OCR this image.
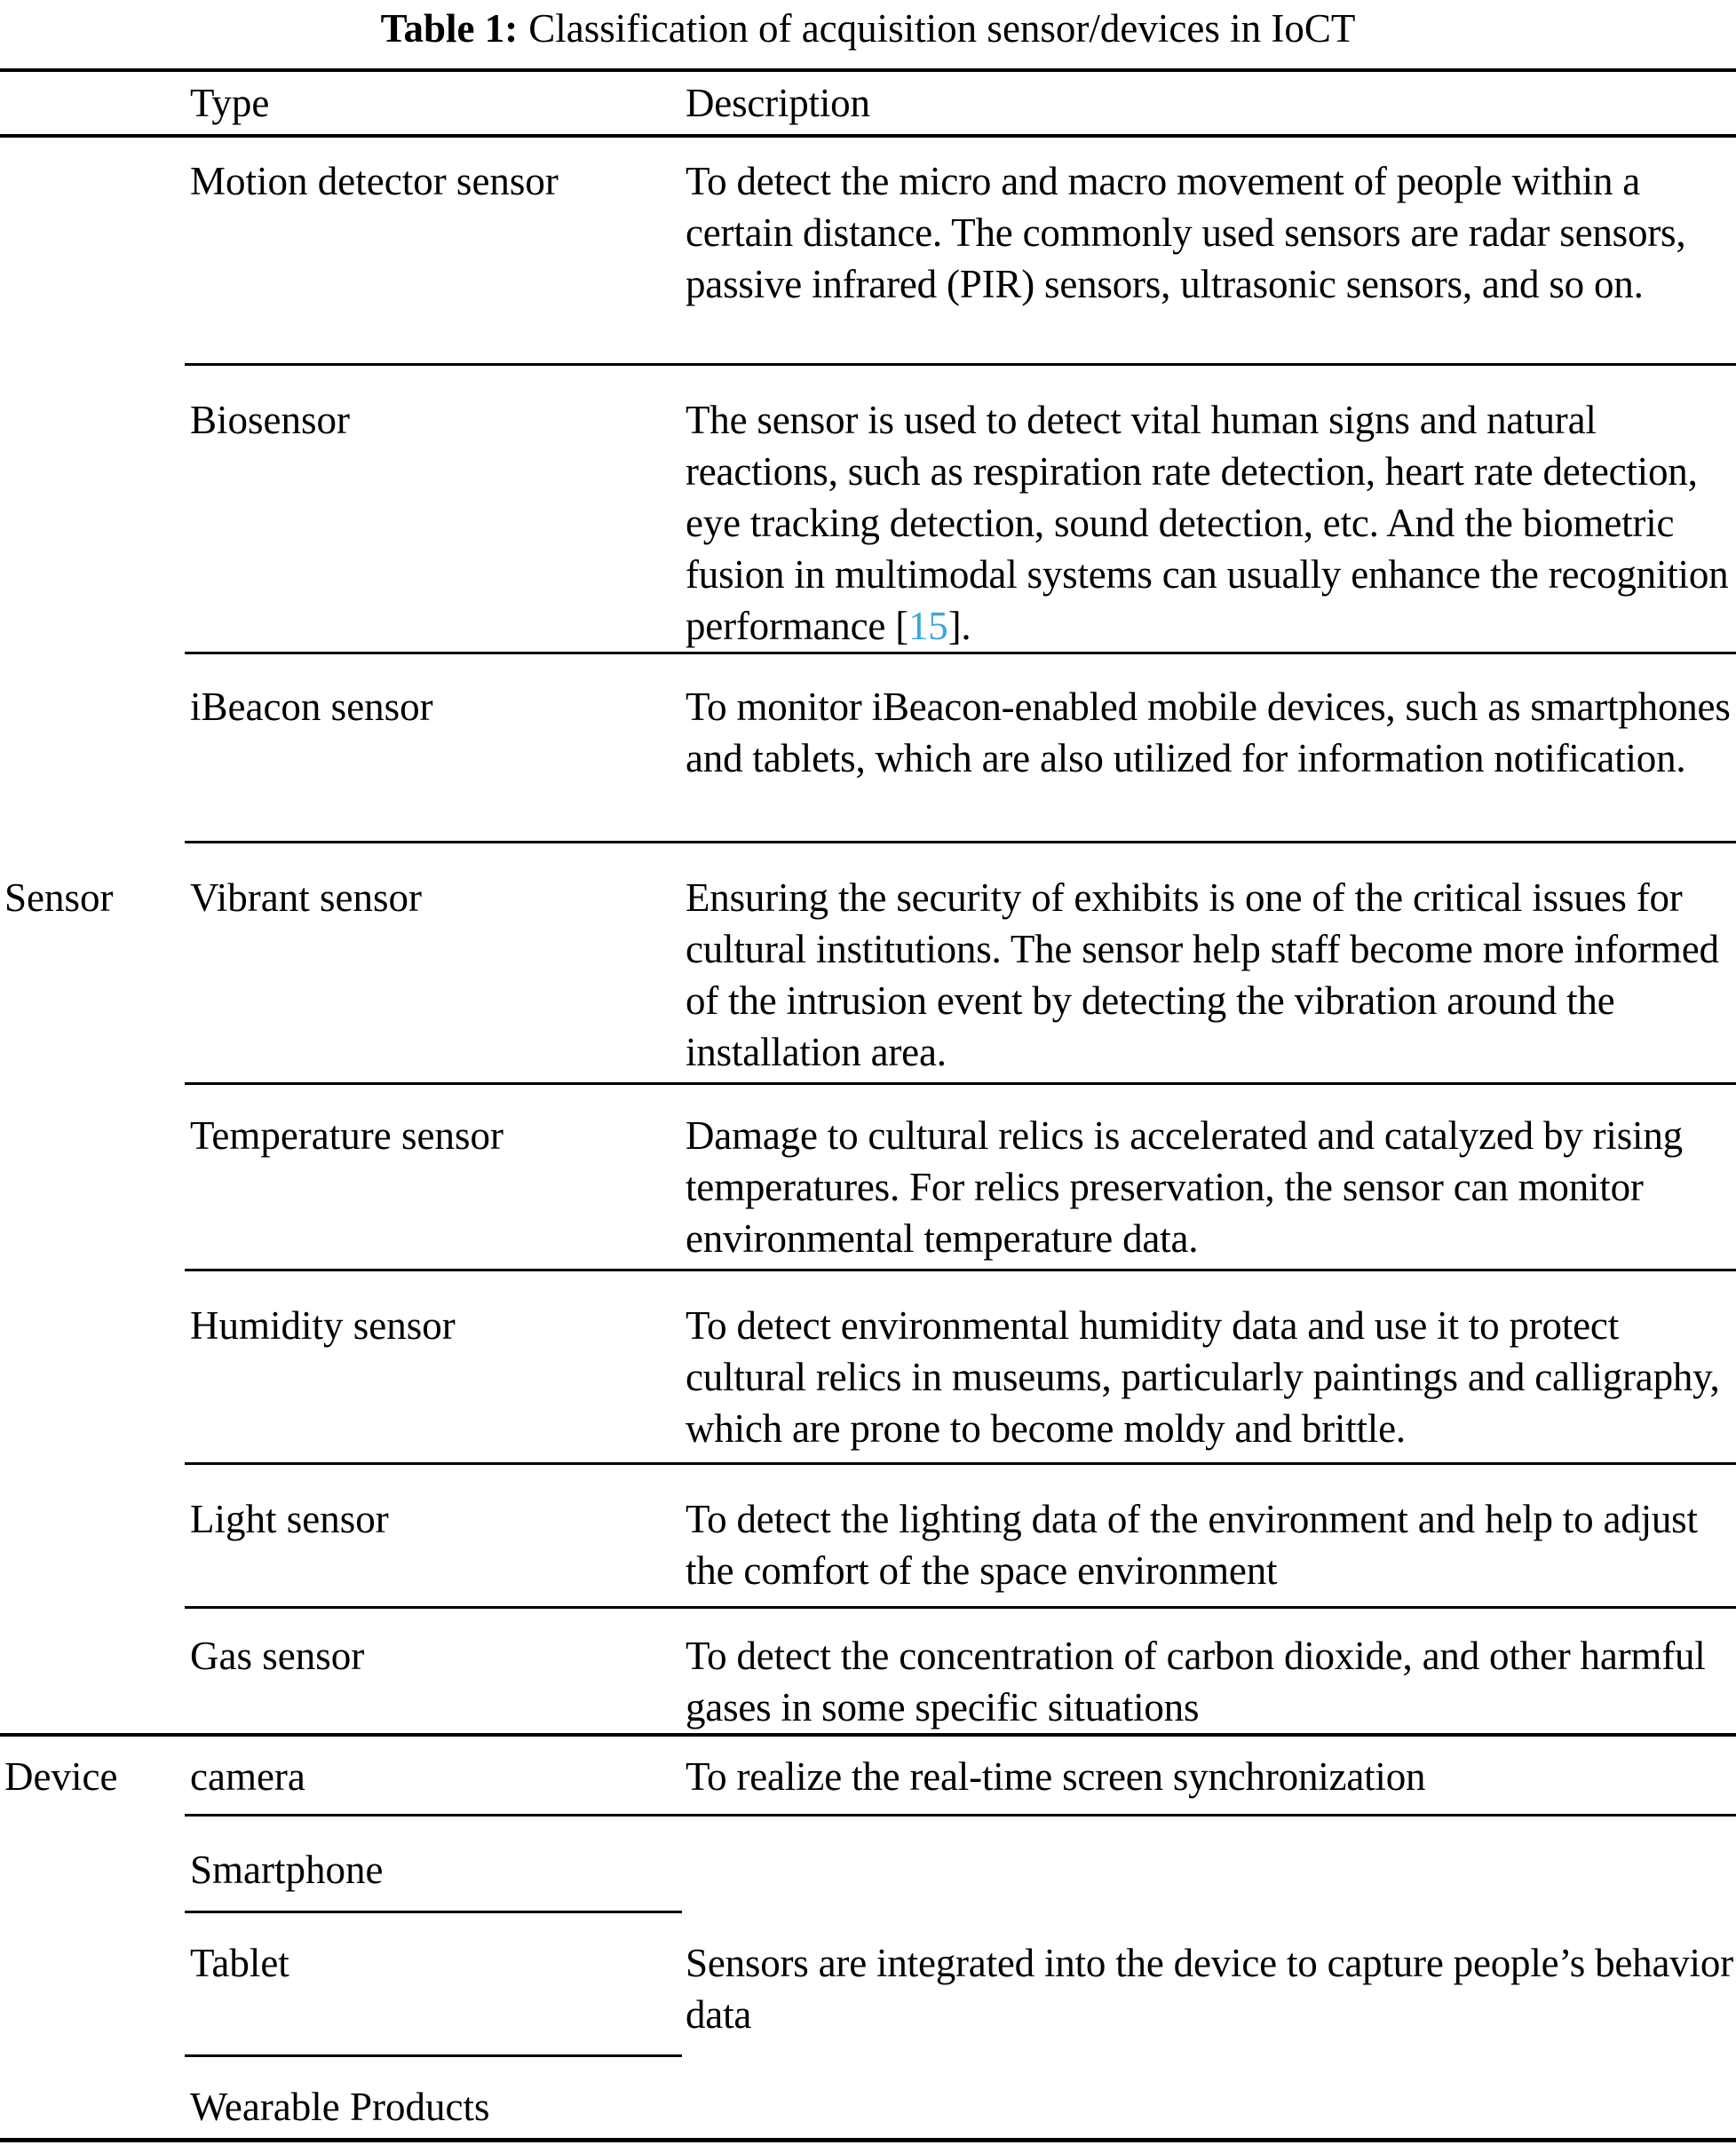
Table 1: Classification of acquisition sensor/devices in IoCT
Type	Description
Motion detector sensor	To detect the micro and macro movement of people within a certain distance. The commonly used sensors are radar sensors, passive infrared (PIR) sensors, ultrasonic sensors, and so on.
Biosensor	The sensor is used to detect vital human signs and natural reactions, such as respiration rate detection, heart rate detection, eye tracking detection, sound detection, etc. And the biometric fusion in multimodal systems can usually enhance the recognition performance [15].
iBeacon sensor	To monitor iBeacon-enabled mobile devices, such as smartphones and tablets, which are also utilized for information notification.
Sensor	Vibrant sensor	Ensuring the security of exhibits is one of the critical issues for cultural institutions. The sensor help staff become more informed of the intrusion event by detecting the vibration around the installation area.
Temperature sensor	Damage to cultural relics is accelerated and catalyzed by rising temperatures. For relics preservation, the sensor can monitor environmental temperature data.
Humidity sensor	To detect environmental humidity data and use it to protect cultural relics in museums, particularly paintings and calligraphy, which are prone to become moldy and brittle.
Light sensor	To detect the lighting data of the environment and help to adjust the comfort of the space environment
Gas sensor	To detect the concentration of carbon dioxide, and other harmful gases in some specific situations
Device	camera	To realize the real-time screen synchronization
Smartphone
Tablet	Sensors are integrated into the device to capture people’s behavior data
Wearable Products
